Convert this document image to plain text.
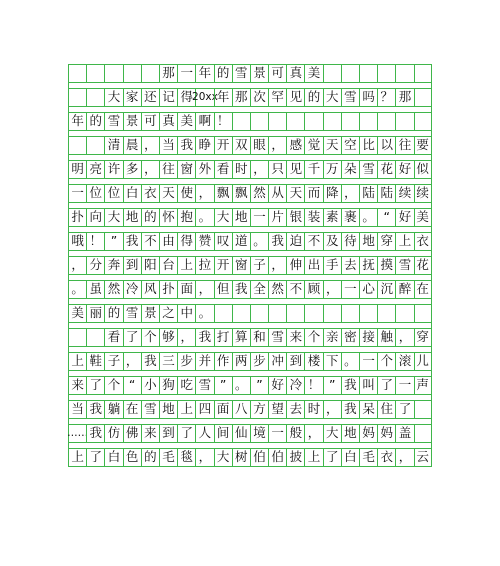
那 一 年 的 雪 景 可 真 美
大 家 还 记 得 20xx 年 那 次 罕 见 的 大 雪 吗 ？ 那
年 的 雪 景 可 真 美 啊 ！
清 晨 ， 当 我 睁 开 双 眼 ， 感 觉 天 空 比 以 往 要
明 亮 许 多 ， 往 窗 外 看 时 ， 只 见 千 万 朵 雪 花 好 似
一 位 位 白 衣 天 使 ， 飘 飘 然 从 天 而 降 ， 陆 陆 续 续
扑 向 大 地 的 怀 抱 。 大 地 一 片 银 装 素 裹 。 “ 好 美
哦 ！ ” 我 不 由 得 赞 叹 道 。 我 迫 不 及 待 地 穿 上 衣
， 分 奔 到 阳 台 上 拉 开 窗 子 ， 伸 出 手 去 抚 摸 雪 花
。 虽 然 冷 风 扑 面 ， 但 我 全 然 不 顾 ， 一 心 沉 醉 在
美 丽 的 雪 景 之 中 。
看 了 个 够 ， 我 打 算 和 雪 来 个 亲 密 接 触 ， 穿
上 鞋 子 ， 我 三 步 并 作 两 步 冲 到 楼 下 。 一 个 滚 儿
来 了 个 “ 小 狗 吃 雪 ” 。 ” 好 冷 ！ ” 我 叫 了 一 声
当 我 躺 在 雪 地 上 四 面 八 方 望 去 时 ， 我 呆 住 了
…… 我 仿 佛 来 到 了 人 间 仙 境 一 般 ， 大 地 妈 妈 盖
上 了 白 色 的 毛 毯 ， 大 树 伯 伯 披 上 了 白 毛 衣 ， 云
